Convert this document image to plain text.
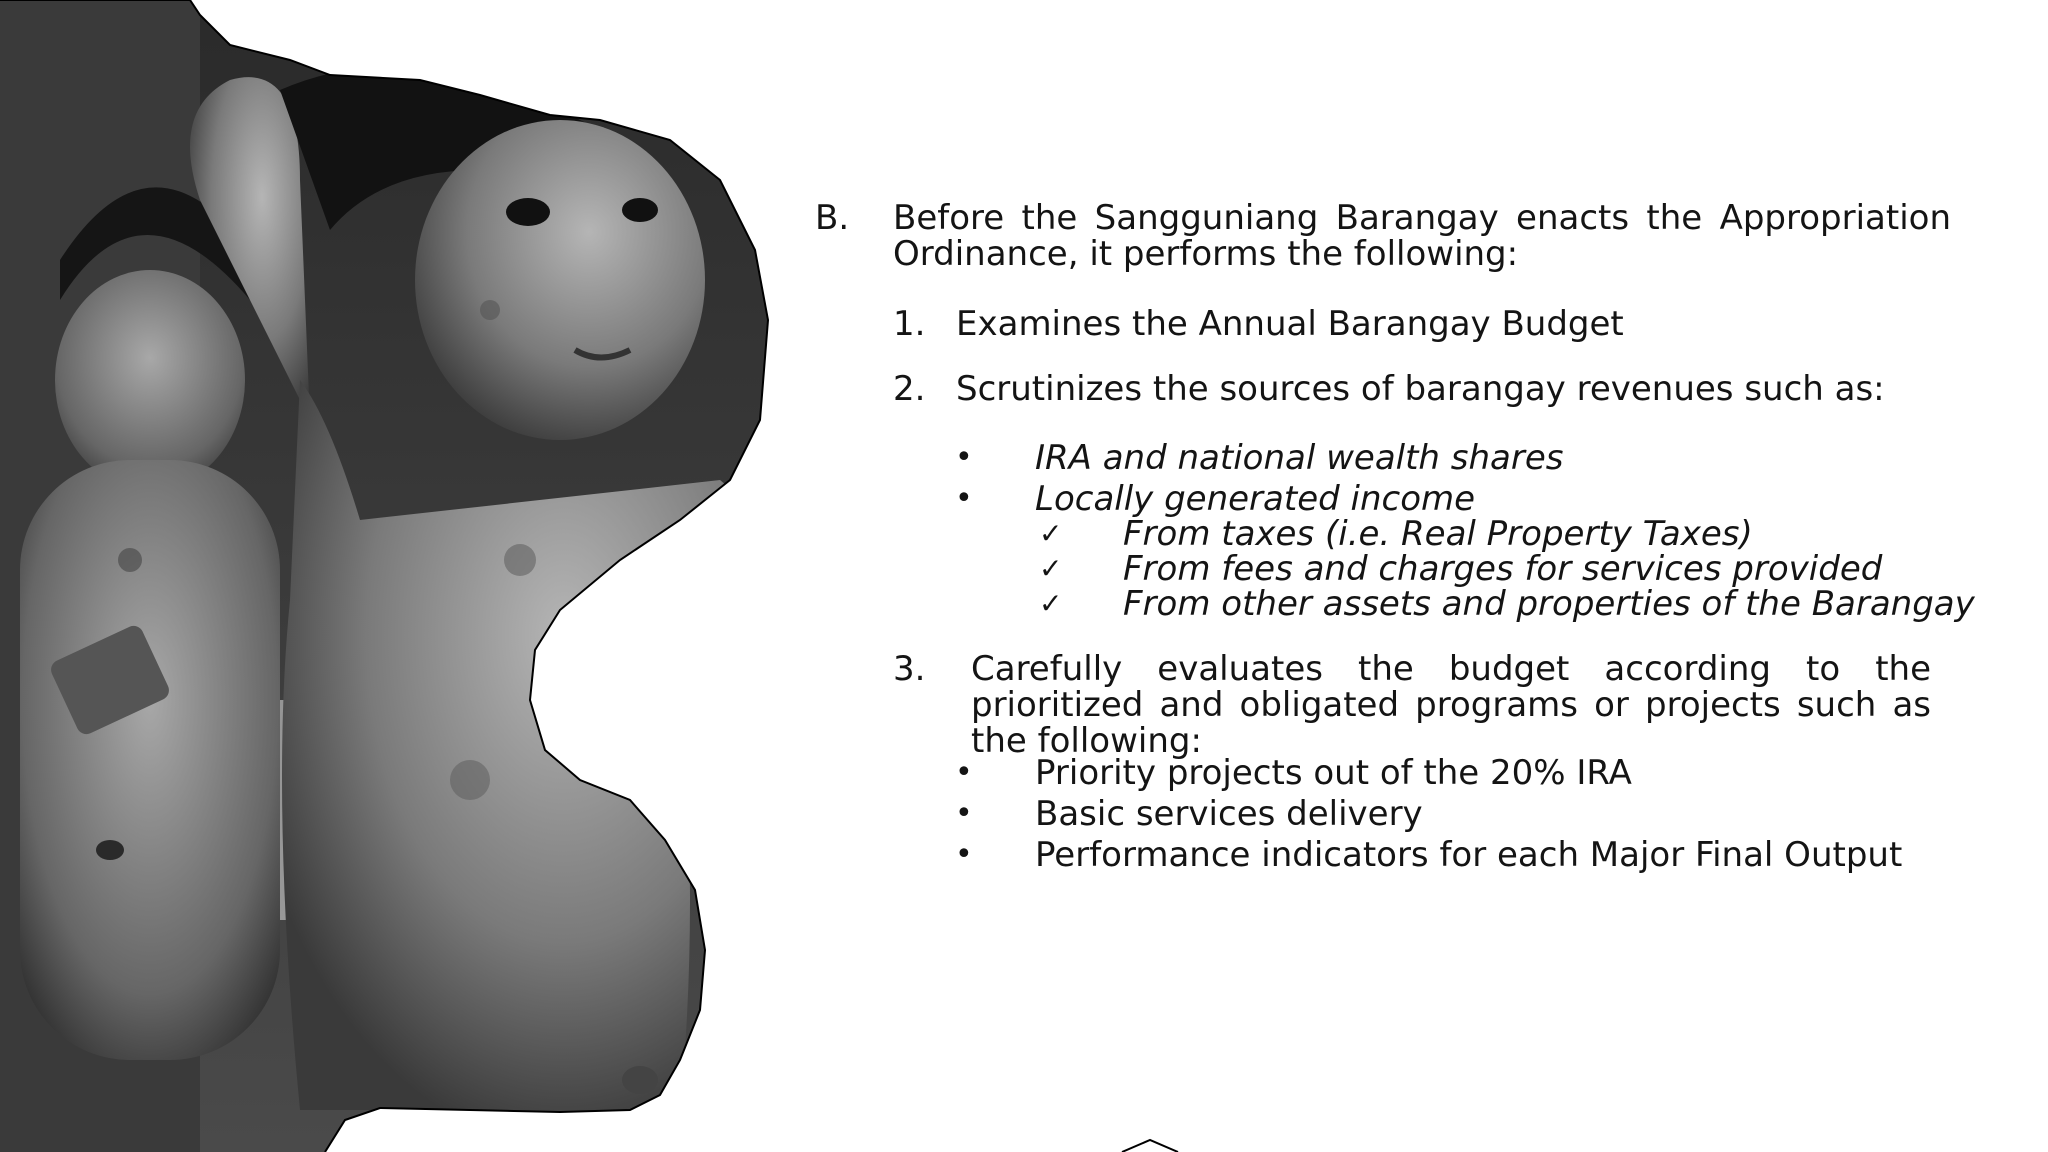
B.	Before the Sangguniang Barangay enacts the Appropriation Ordinance, it performs the following:
1. Examines the Annual Barangay Budget
2. Scrutinizes the sources of barangay revenues such as:
•	IRA and national wealth shares
•	Locally generated income
✓	From taxes (i.e. Real Property Taxes)
✓	From fees and charges for services provided
✓	From other assets and properties of the Barangay
3.	Carefully evaluates the budget according to the prioritized and obligated programs or projects such as the following:
•	Priority projects out of the 20% IRA
•	Basic services delivery
•	Performance indicators for each Major Final Output
